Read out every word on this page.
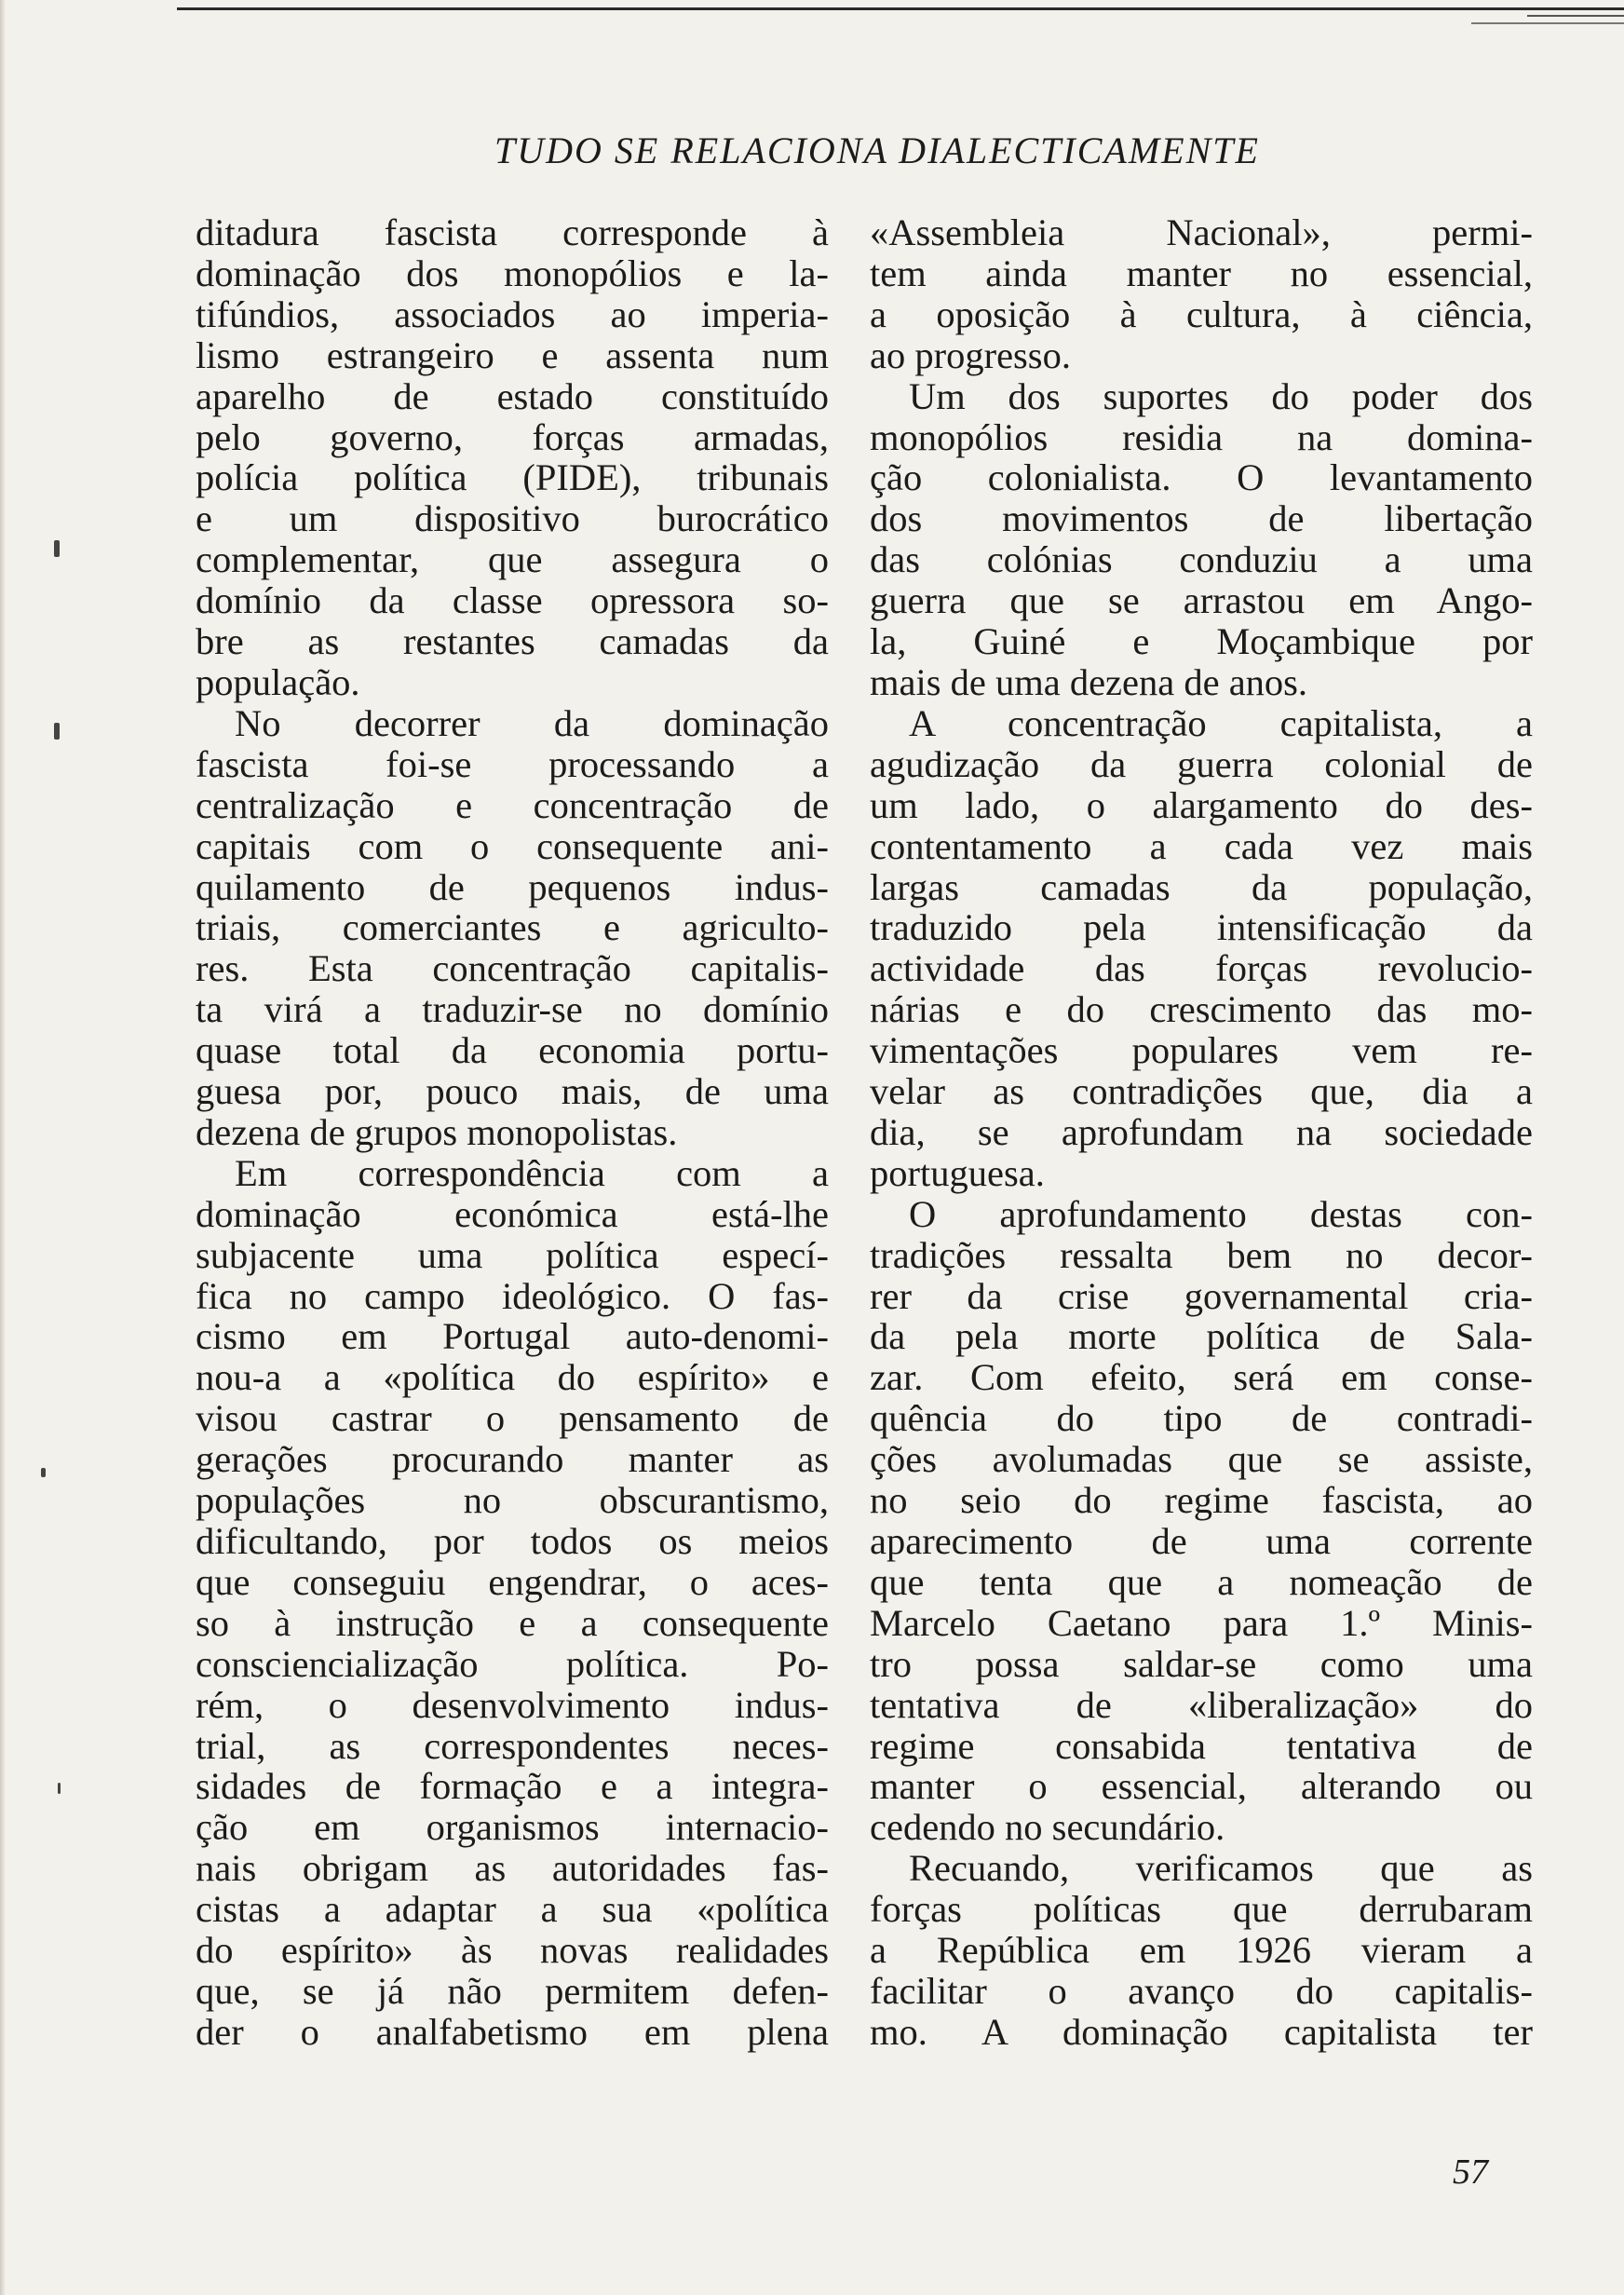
TUDO SE RELACIONA DIALECTICAMENTE
ditadura fascista corresponde à
dominação dos monopólios e la-
tifúndios, associados ao imperia-
lismo estrangeiro e assenta num
aparelho de estado constituído
pelo governo, forças armadas,
polícia política (PIDE), tribunais
e um dispositivo burocrático
complementar, que assegura o
domínio da classe opressora so-
bre as restantes camadas da
população.
No decorrer da dominação
fascista foi-se processando a
centralização e concentração de
capitais com o consequente ani-
quilamento de pequenos indus-
triais, comerciantes e agriculto-
res. Esta concentração capitalis-
ta virá a traduzir-se no domínio
quase total da economia portu-
guesa por, pouco mais, de uma
dezena de grupos monopolistas.
Em correspondência com a
dominação económica está-lhe
subjacente uma política especí-
fica no campo ideológico. O fas-
cismo em Portugal auto-denomi-
nou-a a «política do espírito» e
visou castrar o pensamento de
gerações procurando manter as
populações no obscurantismo,
dificultando, por todos os meios
que conseguiu engendrar, o aces-
so à instrução e a consequente
consciencialização política. Po-
rém, o desenvolvimento indus-
trial, as correspondentes neces-
sidades de formação e a integra-
ção em organismos internacio-
nais obrigam as autoridades fas-
cistas a adaptar a sua «política
do espírito» às novas realidades
que, se já não permitem defen-
der o analfabetismo em plena
«Assembleia Nacional», permi-
tem ainda manter no essencial,
a oposição à cultura, à ciência,
ao progresso.
Um dos suportes do poder dos
monopólios residia na domina-
ção colonialista. O levantamento
dos movimentos de libertação
das colónias conduziu a uma
guerra que se arrastou em Ango-
la, Guiné e Moçambique por
mais de uma dezena de anos.
A concentração capitalista, a
agudização da guerra colonial de
um lado, o alargamento do des-
contentamento a cada vez mais
largas camadas da população,
traduzido pela intensificação da
actividade das forças revolucio-
nárias e do crescimento das mo-
vimentações populares vem re-
velar as contradições que, dia a
dia, se aprofundam na sociedade
portuguesa.
O aprofundamento destas con-
tradições ressalta bem no decor-
rer da crise governamental cria-
da pela morte política de Sala-
zar. Com efeito, será em conse-
quência do tipo de contradi-
ções avolumadas que se assiste,
no seio do regime fascista, ao
aparecimento de uma corrente
que tenta que a nomeação de
Marcelo Caetano para 1.º Minis-
tro possa saldar-se como uma
tentativa de «liberalização» do
regime consabida tentativa de
manter o essencial, alterando ou
cedendo no secundário.
Recuando, verificamos que as
forças políticas que derrubaram
a República em 1926 vieram a
facilitar o avanço do capitalis-
mo. A dominação capitalista ter
57
